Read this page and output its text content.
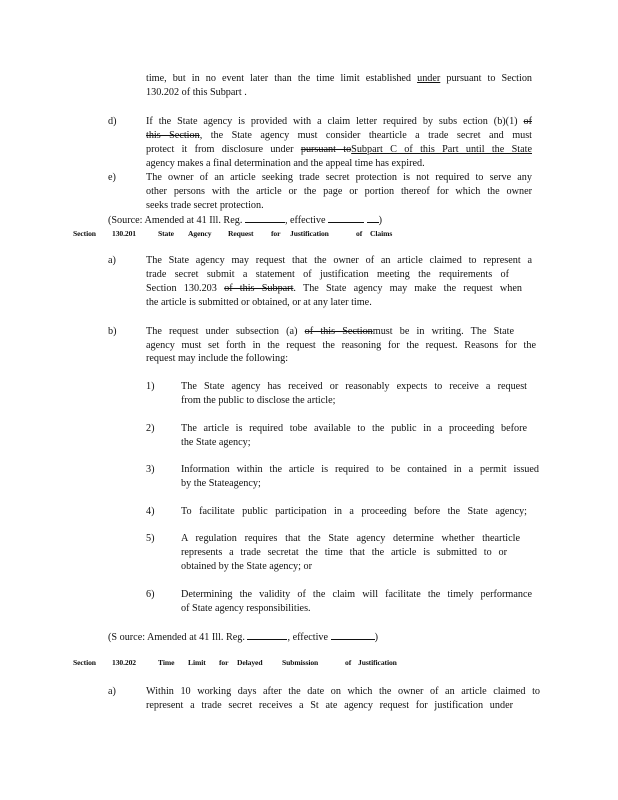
time, but in no event later than the time limit established under pursuant to Section
130.202 of this Subpart .
d)	If the State agency is provided with a claim letter required by subs ection (b)(1) of
this Section, the State agency must consider thearticle a trade secret and must
protect it from disclosure under pursuant toSubpart C of this Part until the State
agency makes a final determination and the appeal time has expired.
e)	The owner of an article seeking trade secret protection is not required to serve any
other persons with the article or the page or portion thereof for which the owner
seeks trade secret protection.
(Source: Amended at 41 Ill. Reg.	, effective	)
Section 130.201	State Agency Request for Justification	of Claims
a)	The State agency may request that the owner of an article claimed to represent a
trade secret submit a statement of justification meeting the requirements of
Section 130.203 of this Subpart. The State agency may make the request when
the article is submitted or obtained, or at any later time.
b)	The request under subsection (a) of this Sectionmust be in writing. The State
agency must set forth in the request the reasoning for the request. Reasons for the
request may include the following:
1)	The State agency has received or reasonably expects to receive a request
from the public to disclose the article;
2)	The article is required tobe available to the public in a proceeding before
the State agency;
3)	Information within the article is required to be contained in a permit issued
by the Stateagency;
4)	To facilitate public participation in a proceeding before the State agency;
5)	A regulation requires that the State agency determine whether thearticle
represents a trade secretat the time that the article is submitted to or
obtained by the State agency; or
6)	Determining the validity of the claim will facilitate the timely performance
of State agency responsibilities.
(S ource: Amended at 41 Ill. Reg.	, effective	)
Section 130.202	Time Limit for Delayed	Submission	of Justification
a)	Within 10 working days after the date on which the owner of an article claimed to
represent a trade secret receives a St ate agency request for justification under
